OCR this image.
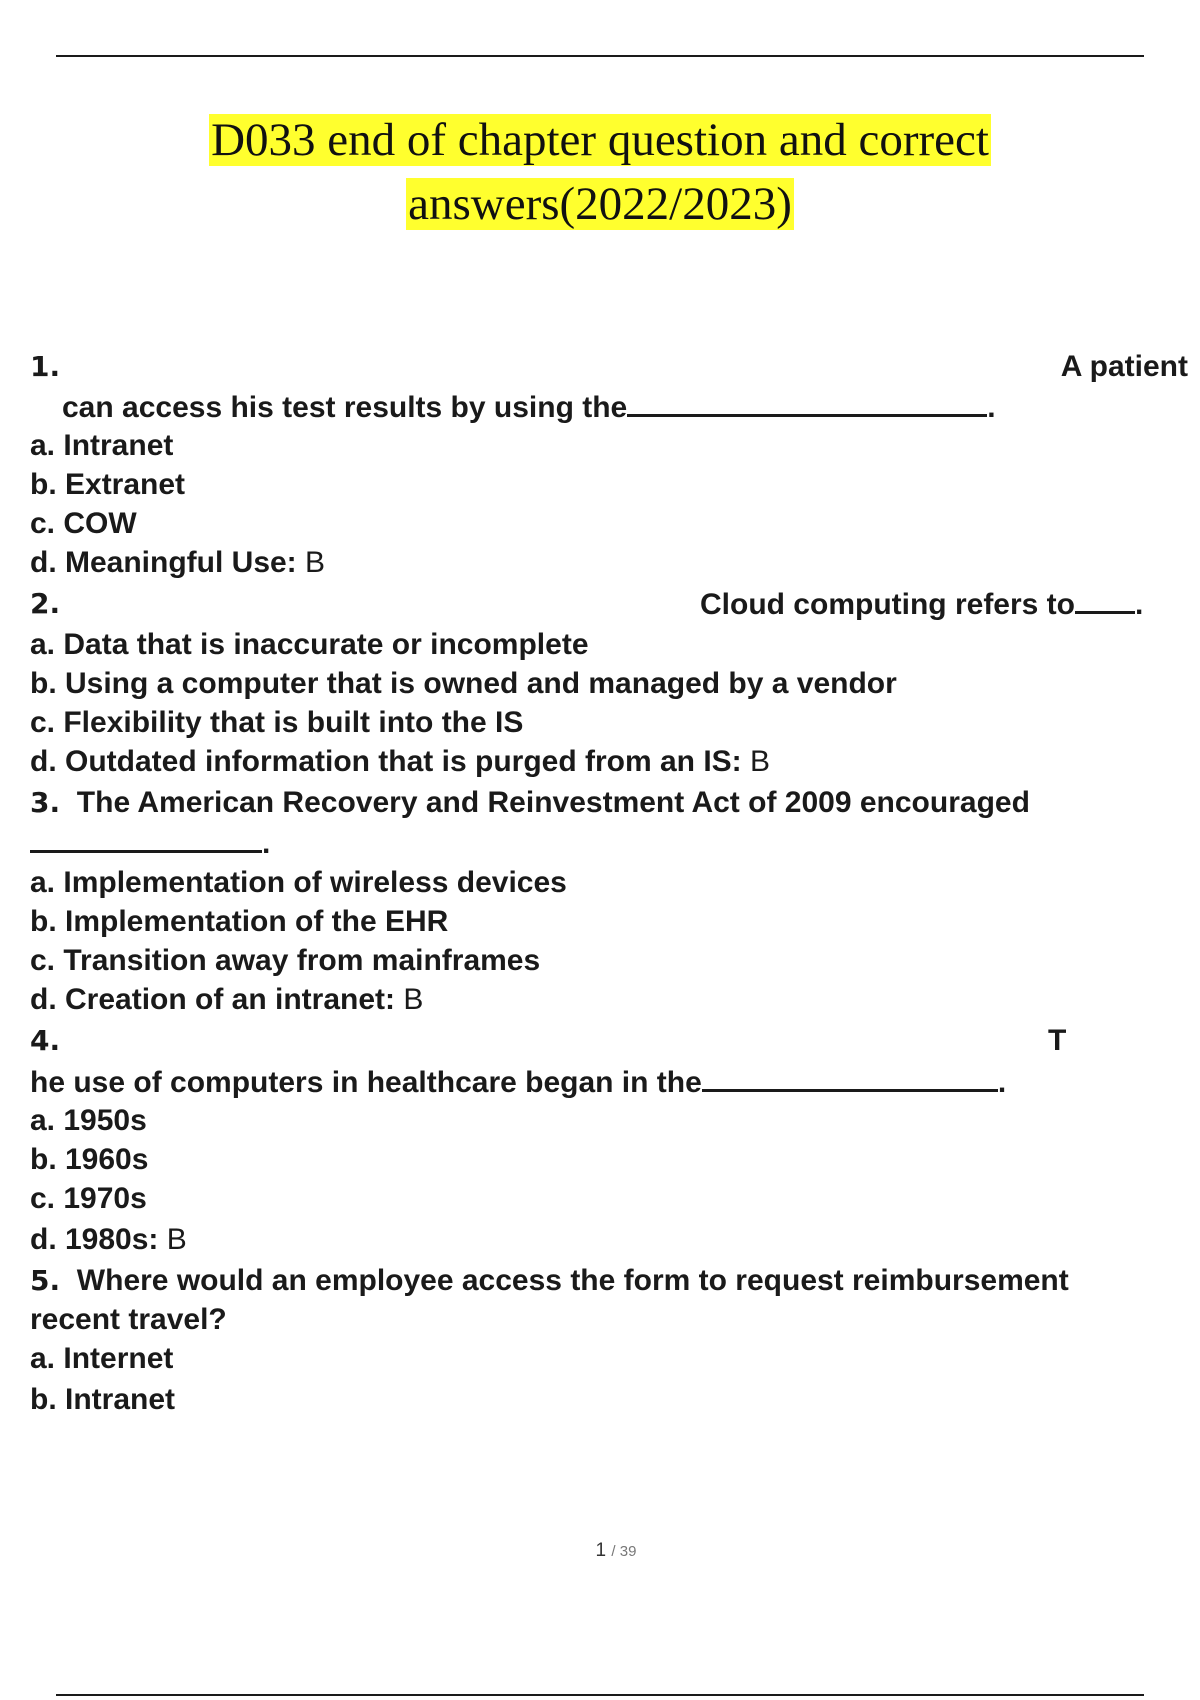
D033 end of chapter question and correct
answers(2022/2023)
1.	A patient
can access his test results by using the	.
a. Intranet
b. Extranet
c. COW
d. Meaningful Use: B
2.	Cloud computing refers to .
a. Data that is inaccurate or incomplete
b. Using a computer that is owned and managed by a vendor
c. Flexibility that is built into the IS
d. Outdated information that is purged from an IS: B
3. The American Recovery and Reinvestment Act of 2009 encouraged
.
a. Implementation of wireless devices
b. Implementation of the EHR
c. Transition away from mainframes
d. Creation of an intranet: B
4.	T
he use of computers in healthcare began in the	.
a. 1950s
b. 1960s
c. 1970s
d. 1980s: B
5. Where would an employee access the form to request reimbursement
recent travel?
a. Internet
b. Intranet
1 / 39
